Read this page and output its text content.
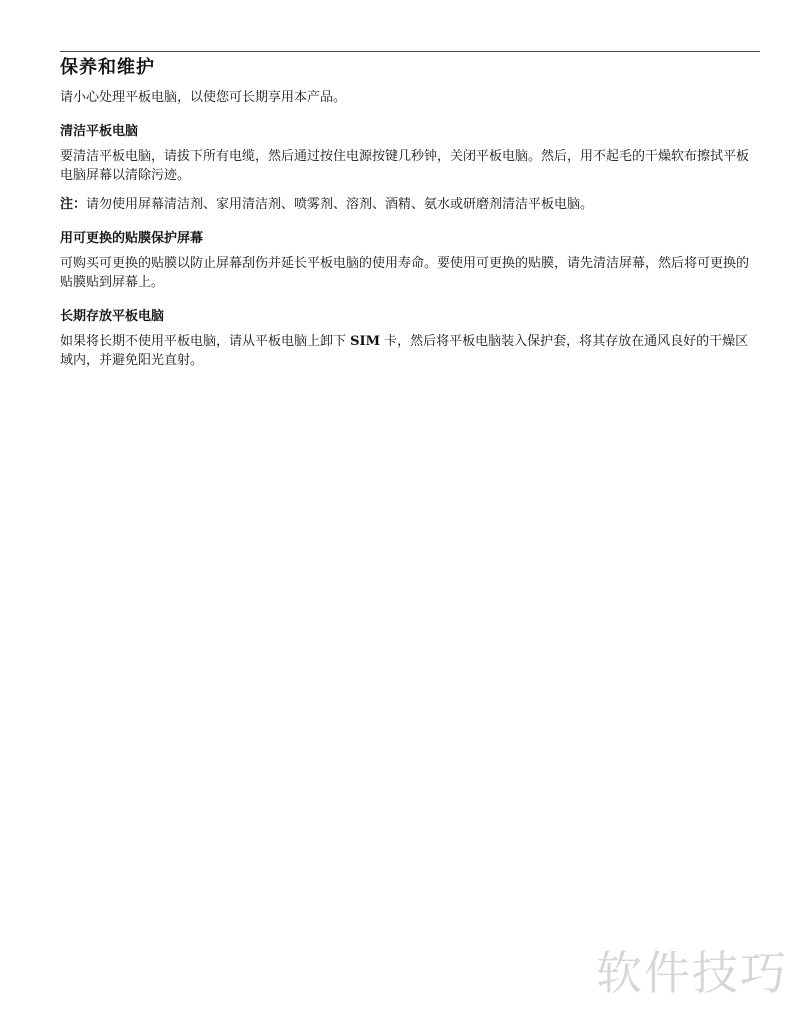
保养和维护

请小心处理平板电脑，以使您可长期享用本产品。

清洁平板电脑

要清洁平板电脑，请拔下所有电缆，然后通过按住电源按键几秒钟，关闭平板电脑。然后，用不起毛的干燥软布擦拭平板电脑屏幕以清除污迹。

注：请勿使用屏幕清洁剂、家用清洁剂、喷雾剂、溶剂、酒精、氨水或研磨剂清洁平板电脑。

用可更换的贴膜保护屏幕

可购买可更换的贴膜以防止屏幕刮伤并延长平板电脑的使用寿命。要使用可更换的贴膜，请先清洁屏幕，然后将可更换的贴膜贴到屏幕上。

长期存放平板电脑

如果将长期不使用平板电脑，请从平板电脑上卸下 SIM 卡，然后将平板电脑装入保护套，将其存放在通风良好的干燥区域内，并避免阳光直射。

软件技巧
